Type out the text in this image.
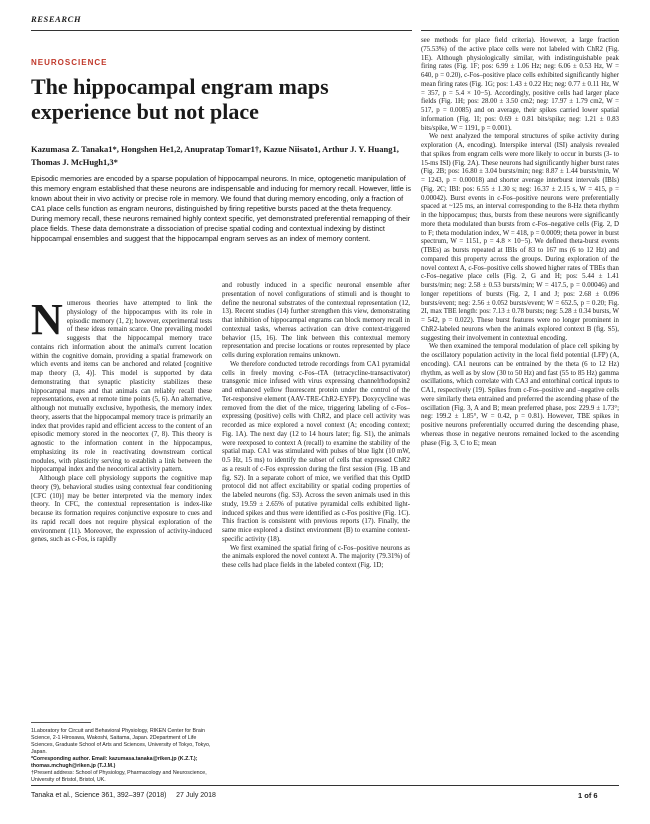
RESEARCH
NEUROSCIENCE
The hippocampal engram maps experience but not place
Kazumasa Z. Tanaka1*, Hongshen He1,2, Anupratap Tomar1†, Kazue Niisato1, Arthur J. Y. Huang1, Thomas J. McHugh1,3*
Episodic memories are encoded by a sparse population of hippocampal neurons. In mice, optogenetic manipulation of this memory engram established that these neurons are indispensable and inducing for memory recall. However, little is known about their in vivo activity or precise role in memory. We found that during memory encoding, only a fraction of CA1 place cells function as engram neurons, distinguished by firing repetitive bursts paced at the theta frequency. During memory recall, these neurons remained highly context specific, yet demonstrated preferential remapping of their place fields. These data demonstrate a dissociation of precise spatial coding and contextual indexing by distinct hippocampal ensembles and suggest that the hippocampal engram serves as an index of memory content.

Numerous theories have attempted to link the physiology of the hippocampus with its role in episodic memory (1, 2); however, experimental tests of these ideas remain scarce. One prevailing model suggests that the hippocampal memory trace contains rich information about the animal's current location within the cognitive domain, providing a spatial framework on which events and items can be anchored and related [cognitive map theory (3, 4)]. This model is supported by data demonstrating that synaptic plasticity stabilizes these hippocampal maps and that animals can reliably recall these representations, even at remote time points (5, 6). An alternative, although not mutually exclusive, hypothesis, the memory index theory, asserts that the hippocampal memory trace is primarily an index that provides rapid and efficient access to the content of an episodic memory stored in the neocortex (7, 8). This theory is agnostic to the information content in the hippocampus, emphasizing its role in reactivating downstream cortical modules, with plasticity serving to establish a link between the hippocampal index and the neocortical activity pattern.

Although place cell physiology supports the cognitive map theory (9), behavioral studies using contextual fear conditioning [CFC (10)] may be better interpreted via the memory index theory. In CFC, the contextual representation is index-like because its formation requires conjunctive exposure to cues and its rapid recall does not require physical exploration of the environment (11). Moreover, the expression of activity-induced genes, such as c-Fos, is rapidly

1Laboratory for Circuit and Behavioral Physiology, RIKEN Center for Brain Science, 2-1 Hirosawa, Wakoshi, Saitama, Japan. 2Department of Life Sciences, Graduate School of Arts and Sciences, University of Tokyo, Tokyo, Japan.
*Corresponding author. Email: kazumasa.tanaka@riken.jp (K.Z.T.); thomas.mchugh@riken.jp (T.J.M.)
†Present address: School of Physiology, Pharmacology and Neuroscience, University of Bristol, Bristol, UK.

and robustly induced in a specific neuronal ensemble after presentation of novel configurations of stimuli and is thought to define the neuronal substrates of the contextual representation (12, 13). Recent studies (14) further strengthen this view, demonstrating that inhibition of hippocampal engrams can block memory recall in contextual tasks, whereas activation can drive context-triggered behavior (15, 16). The link between this contextual memory representation and precise locations or routes represented by place cells during exploration remains unknown.

We therefore conducted tetrode recordings from CA1 pyramidal cells in freely moving c-Fos–tTA (tetracycline-transactivator) transgenic mice infused with virus expressing channelrhodopsin2 and enhanced yellow fluorescent protein under the control of the Tet-responsive element (AAV-TRE-ChR2-EYFP). Doxycycline was removed from the diet of the mice, triggering labeling of c-Fos–expressing (positive) cells with ChR2, and place cell activity was recorded as mice explored a novel context (A; encoding context; Fig. 1A). The next day (12 to 14 hours later; fig. S1), the animals were reexposed to context A (recall) to examine the stability of the spatial map. CA1 was stimulated with pulses of blue light (10 mW, 0.5 Hz, 15 ms) to identify the subset of cells that expressed ChR2 as a result of c-Fos expression during the first session (Fig. 1B and fig. S2). In a separate cohort of mice, we verified that this OptID protocol did not affect excitability or spatial coding properties of the labeled neurons (fig. S3). Across the seven animals used in this study, 19.59 ± 2.65% of putative pyramidal cells exhibited light-induced spikes and thus were identified as c-Fos positive (Fig. 1C). This fraction is consistent with previous reports (17). Finally, the same mice explored a distinct environment (B) to examine context-specific activity (18).

We first examined the spatial firing of c-Fos–positive neurons as the animals explored the novel context A. The majority (79.31%) of these cells had place fields in the labeled context (Fig. 1D;

see methods for place field criteria). However, a large fraction (75.53%) of the active place cells were not labeled with ChR2 (Fig. 1E). Although physiologically similar, with indistinguishable peak firing rates (Fig. 1F; pos: 6.99 ± 1.06 Hz; neg: 6.06 ± 0.53 Hz, W = 640, p = 0.20), c-Fos–positive place cells exhibited significantly higher mean firing rates (Fig. 1G; pos: 1.43 ± 0.22 Hz; neg: 0.77 ± 0.11 Hz, W = 357, p = 5.4 × 10−5). Accordingly, positive cells had larger place fields (Fig. 1H; pos: 28.00 ± 3.50 cm2; neg: 17.97 ± 1.79 cm2, W = 517, p = 0.0085) and on average, their spikes carried lower spatial information (Fig. 1I; pos: 0.69 ± 0.81 bits/spike; neg: 1.21 ± 0.83 bits/spike, W = 1191, p = 0.001).

We next analyzed the temporal structures of spike activity during exploration (A, encoding). Interspike interval (ISI) analysis revealed that spikes from engram cells were more likely to occur in bursts (3- to 15-ms ISI) (Fig. 2A). These neurons had significantly higher burst rates (Fig. 2B; pos: 16.80 ± 3.04 bursts/min; neg: 8.87 ± 1.44 bursts/min, W = 1243, p = 0.00018) and shorter average interburst intervals (IBIs) (Fig. 2C; IBI: pos: 6.55 ± 1.30 s; neg: 16.37 ± 2.15 s, W = 415, p = 0.00042). Burst events in c-Fos–positive neurons were preferentially spaced at ~125 ms, an interval corresponding to the 8-Hz theta rhythm in the hippocampus; thus, bursts from these neurons were significantly more theta modulated than bursts from c-Fos–negative cells (Fig. 2, D to F; theta modulation index, W = 418, p = 0.0009; theta power in burst spectrum, W = 1151, p = 4.8 × 10−5). We defined theta-burst events (TBEs) as bursts repeated at IBIs of 83 to 167 ms (6 to 12 Hz) and compared this property across the groups. During exploration of the novel context A, c-Fos–positive cells showed higher rates of TBEs than c-Fos–negative place cells (Fig. 2, G and H; pos: 5.44 ± 1.41 bursts/min; neg: 2.58 ± 0.53 bursts/min; W = 417.5, p = 0.00046) and longer repetitions of bursts (Fig. 2, I and J; pos: 2.68 ± 0.096 bursts/event; neg: 2.56 ± 0.052 bursts/event; W = 652.5, p = 0.20; Fig. 2I, max TBE length: pos: 7.13 ± 0.78 bursts; neg: 5.28 ± 0.34 bursts, W = 542, p = 0.022). These burst features were no longer prominent in ChR2-labeled neurons when the animals explored context B (fig. S5), suggesting their involvement in contextual encoding.

We then examined the temporal modulation of place cell spiking by the oscillatory population activity in the local field potential (LFP) (A, encoding). CA1 neurons can be entrained by the theta (6 to 12 Hz) rhythm, as well as by slow (30 to 50 Hz) and fast (55 to 85 Hz) gamma oscillations, which correlate with CA3 and entorhinal cortical inputs to CA1, respectively (19). Spikes from c-Fos–positive and –negative cells were similarly theta entrained and preferred the ascending phase of the oscillation (Fig. 3, A and B; mean preferred phase, pos: 229.9 ± 1.73°; neg: 199.2 ± 1.85°, W = 0.42, p = 0.81). However, TBE spikes in positive neurons preferentially occurred during the descending phase, whereas those in negative neurons remained locked to the ascending phase (Fig. 3, C to E; mean

Tanaka et al., Science 361, 392–397 (2018)     27 July 2018	1 of 6
